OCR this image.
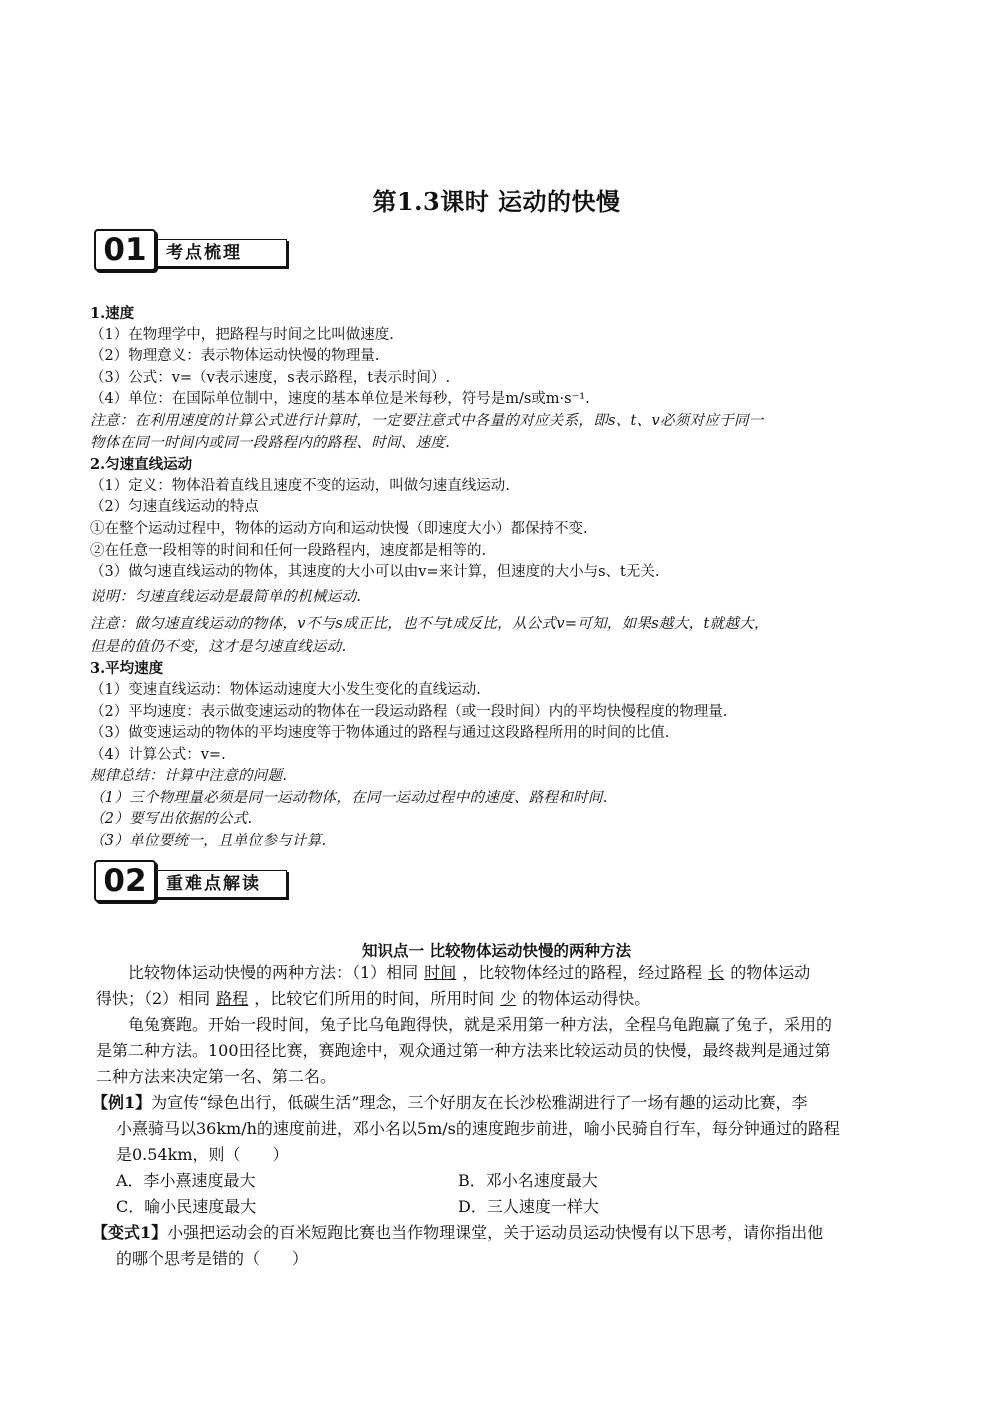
第1.3课时 运动的快慢
01	考点梳理
1.速度
（1）在物理学中，把路程与时间之比叫做速度.
（2）物理意义：表示物体运动快慢的物理量.
（3）公式：v=（v表示速度，s表示路程，t表示时间）.
（4）单位：在国际单位制中，速度的基本单位是米每秒，符号是m/s或m·s⁻¹.
注意：在利用速度的计算公式进行计算时，一定要注意式中各量的对应关系，即s、t、v必须对应于同一
物体在同一时间内或同一段路程内的路程、时间、速度.
2.匀速直线运动
（1）定义：物体沿着直线且速度不变的运动，叫做匀速直线运动.
（2）匀速直线运动的特点
①在整个运动过程中，物体的运动方向和运动快慢（即速度大小）都保持不变.
②在任意一段相等的时间和任何一段路程内，速度都是相等的.
（3）做匀速直线运动的物体，其速度的大小可以由v=来计算，但速度的大小与s、t无关.
说明：匀速直线运动是最简单的机械运动.
注意：做匀速直线运动的物体，v不与s成正比，也不与t成反比，从公式v=可知，如果s越大，t就越大，
但是的值仍不变，这才是匀速直线运动.
3.平均速度
（1）变速直线运动：物体运动速度大小发生变化的直线运动.
（2）平均速度：表示做变速运动的物体在一段运动路程（或一段时间）内的平均快慢程度的物理量.
（3）做变速运动的物体的平均速度等于物体通过的路程与通过这段路程所用的时间的比值.
（4）计算公式：v=.
规律总结：计算中注意的问题.
（1）三个物理量必须是同一运动物体，在同一运动过程中的速度、路程和时间.
（2）要写出依据的公式.
（3）单位要统一，且单位参与计算.
02	重难点解读
知识点一 比较物体运动快慢的两种方法
比较物体运动快慢的两种方法：（1）相同 时间 ，比较物体经过的路程，经过路程 长 的物体运动
得快；（2）相同 路程 ，比较它们所用的时间，所用时间 少 的物体运动得快。
龟兔赛跑。开始一段时间，兔子比乌龟跑得快，就是采用第一种方法，全程乌龟跑赢了兔子，采用的
是第二种方法。100田径比赛，赛跑途中，观众通过第一种方法来比较运动员的快慢，最终裁判是通过第
二种方法来决定第一名、第二名。
【例1】为宣传“绿色出行，低碳生活”理念，三个好朋友在长沙松雅湖进行了一场有趣的运动比赛，李
小熹骑马以36km/h的速度前进，邓小名以5m/s的速度跑步前进，喻小民骑自行车，每分钟通过的路程
是0.54km，则（　　）
A．李小熹速度最大	B．邓小名速度最大
C．喻小民速度最大	D．三人速度一样大
【变式1】小强把运动会的百米短跑比赛也当作物理课堂，关于运动员运动快慢有以下思考，请你指出他
的哪个思考是错的（　　）
